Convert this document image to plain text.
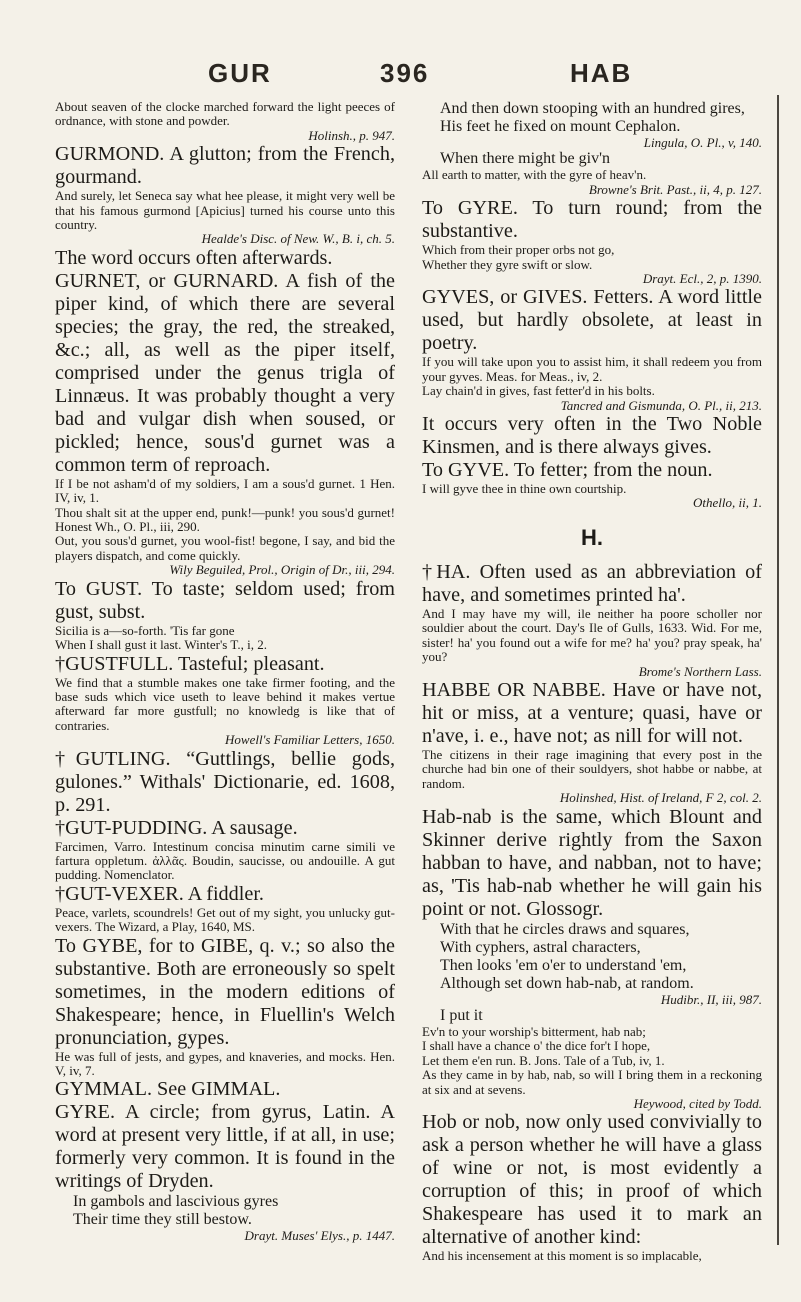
GUR	396	HAB
About seaven of the clocke marched forward the light peeces of ordnance, with stone and powder.
Holinsh., p. 947.
GURMOND. A glutton; from the French, gourmand.
And surely, let Seneca say what hee please, it might very well be that his famous gurmond [Apicius] turned his course unto this country.
Healde's Disc. of New. W., B. i, ch. 5.
The word occurs often afterwards.
GURNET, or GURNARD. A fish of the piper kind, of which there are several species; the gray, the red, the streaked, &c.; all, as well as the piper itself, comprised under the genus trigla of Linnæus. It was probably thought a very bad and vulgar dish when soused, or pickled; hence, sous'd gurnet was a common term of reproach.
If I be not asham'd of my soldiers, I am a sous'd gurnet. 1 Hen. IV, iv, 1.
Thou shalt sit at the upper end, punk!—punk! you sous'd gurnet! Honest Wh., O. Pl., iii, 290.
Out, you sous'd gurnet, you wool-fist! begone, I say, and bid the players dispatch, and come quickly.
Wily Beguiled, Prol., Origin of Dr., iii, 294.
To GUST. To taste; seldom used; from gust, subst.
Sicilia is a—so-forth. 'Tis far gone
When I shall gust it last. Winter's T., i, 2.
†GUSTFULL. Tasteful; pleasant.
We find that a stumble makes one take firmer footing, and the base suds which vice useth to leave behind it makes vertue afterward far more gustfull; no knowledg is like that of contraries.
Howell's Familiar Letters, 1650.
†GUTLING. “Guttlings, bellie gods, gulones.” Withals' Dictionarie, ed. 1608, p. 291.
†GUT-PUDDING. A sausage.
Farcimen, Varro. Intestinum concisa minutim carne simili ve fartura oppletum. ἀλλᾶς. Boudin, saucisse, ou andouille. A gut pudding. Nomenclator.
†GUT-VEXER. A fiddler.
Peace, varlets, scoundrels! Get out of my sight, you unlucky gut-vexers. The Wizard, a Play, 1640, MS.
To GYBE, for to GIBE, q. v.; so also the substantive. Both are erroneously so spelt sometimes, in the modern editions of Shakespeare; hence, in Fluellin's Welch pronunciation, gypes.
He was full of jests, and gypes, and knaveries, and mocks. Hen. V, iv, 7.
GYMMAL. See GIMMAL.
GYRE. A circle; from gyrus, Latin. A word at present very little, if at all, in use; formerly very common. It is found in the writings of Dryden.
In gambols and lascivious gyres
Their time they still bestow.
Drayt. Muses' Elys., p. 1447.
And then down stooping with an hundred gires,
His feet he fixed on mount Cephalon.
Lingula, O. Pl., v, 140.
When there might be giv'n
All earth to matter, with the gyre of heav'n.
Browne's Brit. Past., ii, 4, p. 127.
To GYRE. To turn round; from the substantive.
Which from their proper orbs not go,
Whether they gyre swift or slow.
Drayt. Ecl., 2, p. 1390.
GYVES, or GIVES. Fetters. A word little used, but hardly obsolete, at least in poetry.
If you will take upon you to assist him, it shall redeem you from your gyves. Meas. for Meas., iv, 2.
Lay chain'd in gives, fast fetter'd in his bolts.
Tancred and Gismunda, O. Pl., ii, 213.
It occurs very often in the Two Noble Kinsmen, and is there always gives.
To GYVE. To fetter; from the noun.
I will gyve thee in thine own courtship.
Othello, ii, 1.
H.
†HA. Often used as an abbreviation of have, and sometimes printed ha'.
And I may have my will, ile neither ha poore scholler nor souldier about the court. Day's Ile of Gulls, 1633. Wid. For me, sister! ha' you found out a wife for me? ha' you? pray speak, ha' you?
Brome's Northern Lass.
HABBE OR NABBE. Have or have not, hit or miss, at a venture; quasi, have or n'ave, i. e., have not; as nill for will not.
The citizens in their rage imagining that every post in the churche had bin one of their souldyers, shot habbe or nabbe, at random.
Holinshed, Hist. of Ireland, F 2, col. 2.
Hab-nab is the same, which Blount and Skinner derive rightly from the Saxon habban to have, and nabban, not to have; as, 'Tis hab-nab whether he will gain his point or not. Glossogr.
With that he circles draws and squares,
With cyphers, astral characters,
Then looks 'em o'er to understand 'em,
Although set down hab-nab, at random.
Hudibr., II, iii, 987.
I put it
Ev'n to your worship's bitterment, hab nab;
I shall have a chance o' the dice for't I hope,
Let them e'en run. B. Jons. Tale of a Tub, iv, 1.
As they came in by hab, nab, so will I bring them in a reckoning at six and at sevens.
Heywood, cited by Todd.
Hob or nob, now only used convivially to ask a person whether he will have a glass of wine or not, is most evidently a corruption of this; in proof of which Shakespeare has used it to mark an alternative of another kind:
And his incensement at this moment is so implacable,
